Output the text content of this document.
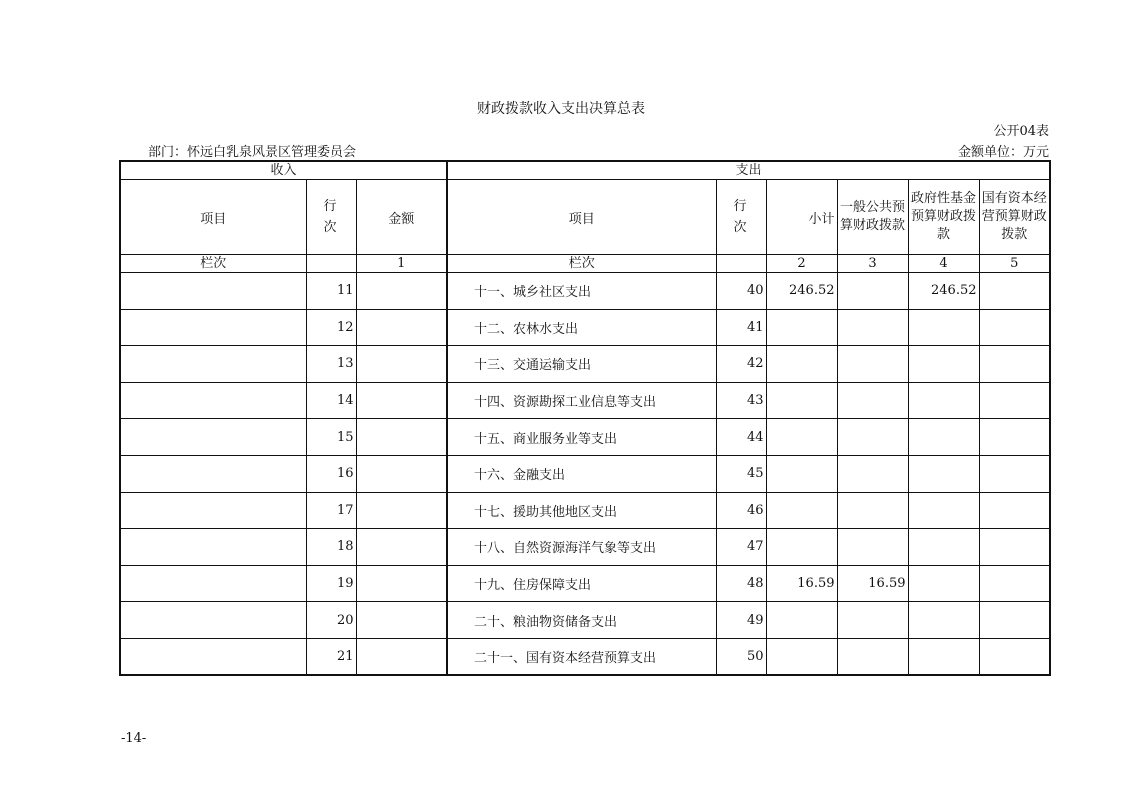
财政拨款收入支出决算总表
公开04表
部门：怀远白乳泉风景区管理委员会	金额单位：万元
收入			支出					
项目	行次	金额	项目	行次	小计	一般公共预算财政拨款	政府性基金预算财政拨款	国有资本经营预算财政拨款
栏次		1	栏次		2	3	4	5
	11		十一、城乡社区支出	40	246.52		246.52	
	12		十二、农林水支出	41				
	13		十三、交通运输支出	42				
	14		十四、资源勘探工业信息等支出	43				
	15		十五、商业服务业等支出	44				
	16		十六、金融支出	45				
	17		十七、援助其他地区支出	46				
	18		十八、自然资源海洋气象等支出	47				
	19		十九、住房保障支出	48	16.59	16.59		
	20		二十、粮油物资储备支出	49				
	21		二十一、国有资本经营预算支出	50				
-14-
